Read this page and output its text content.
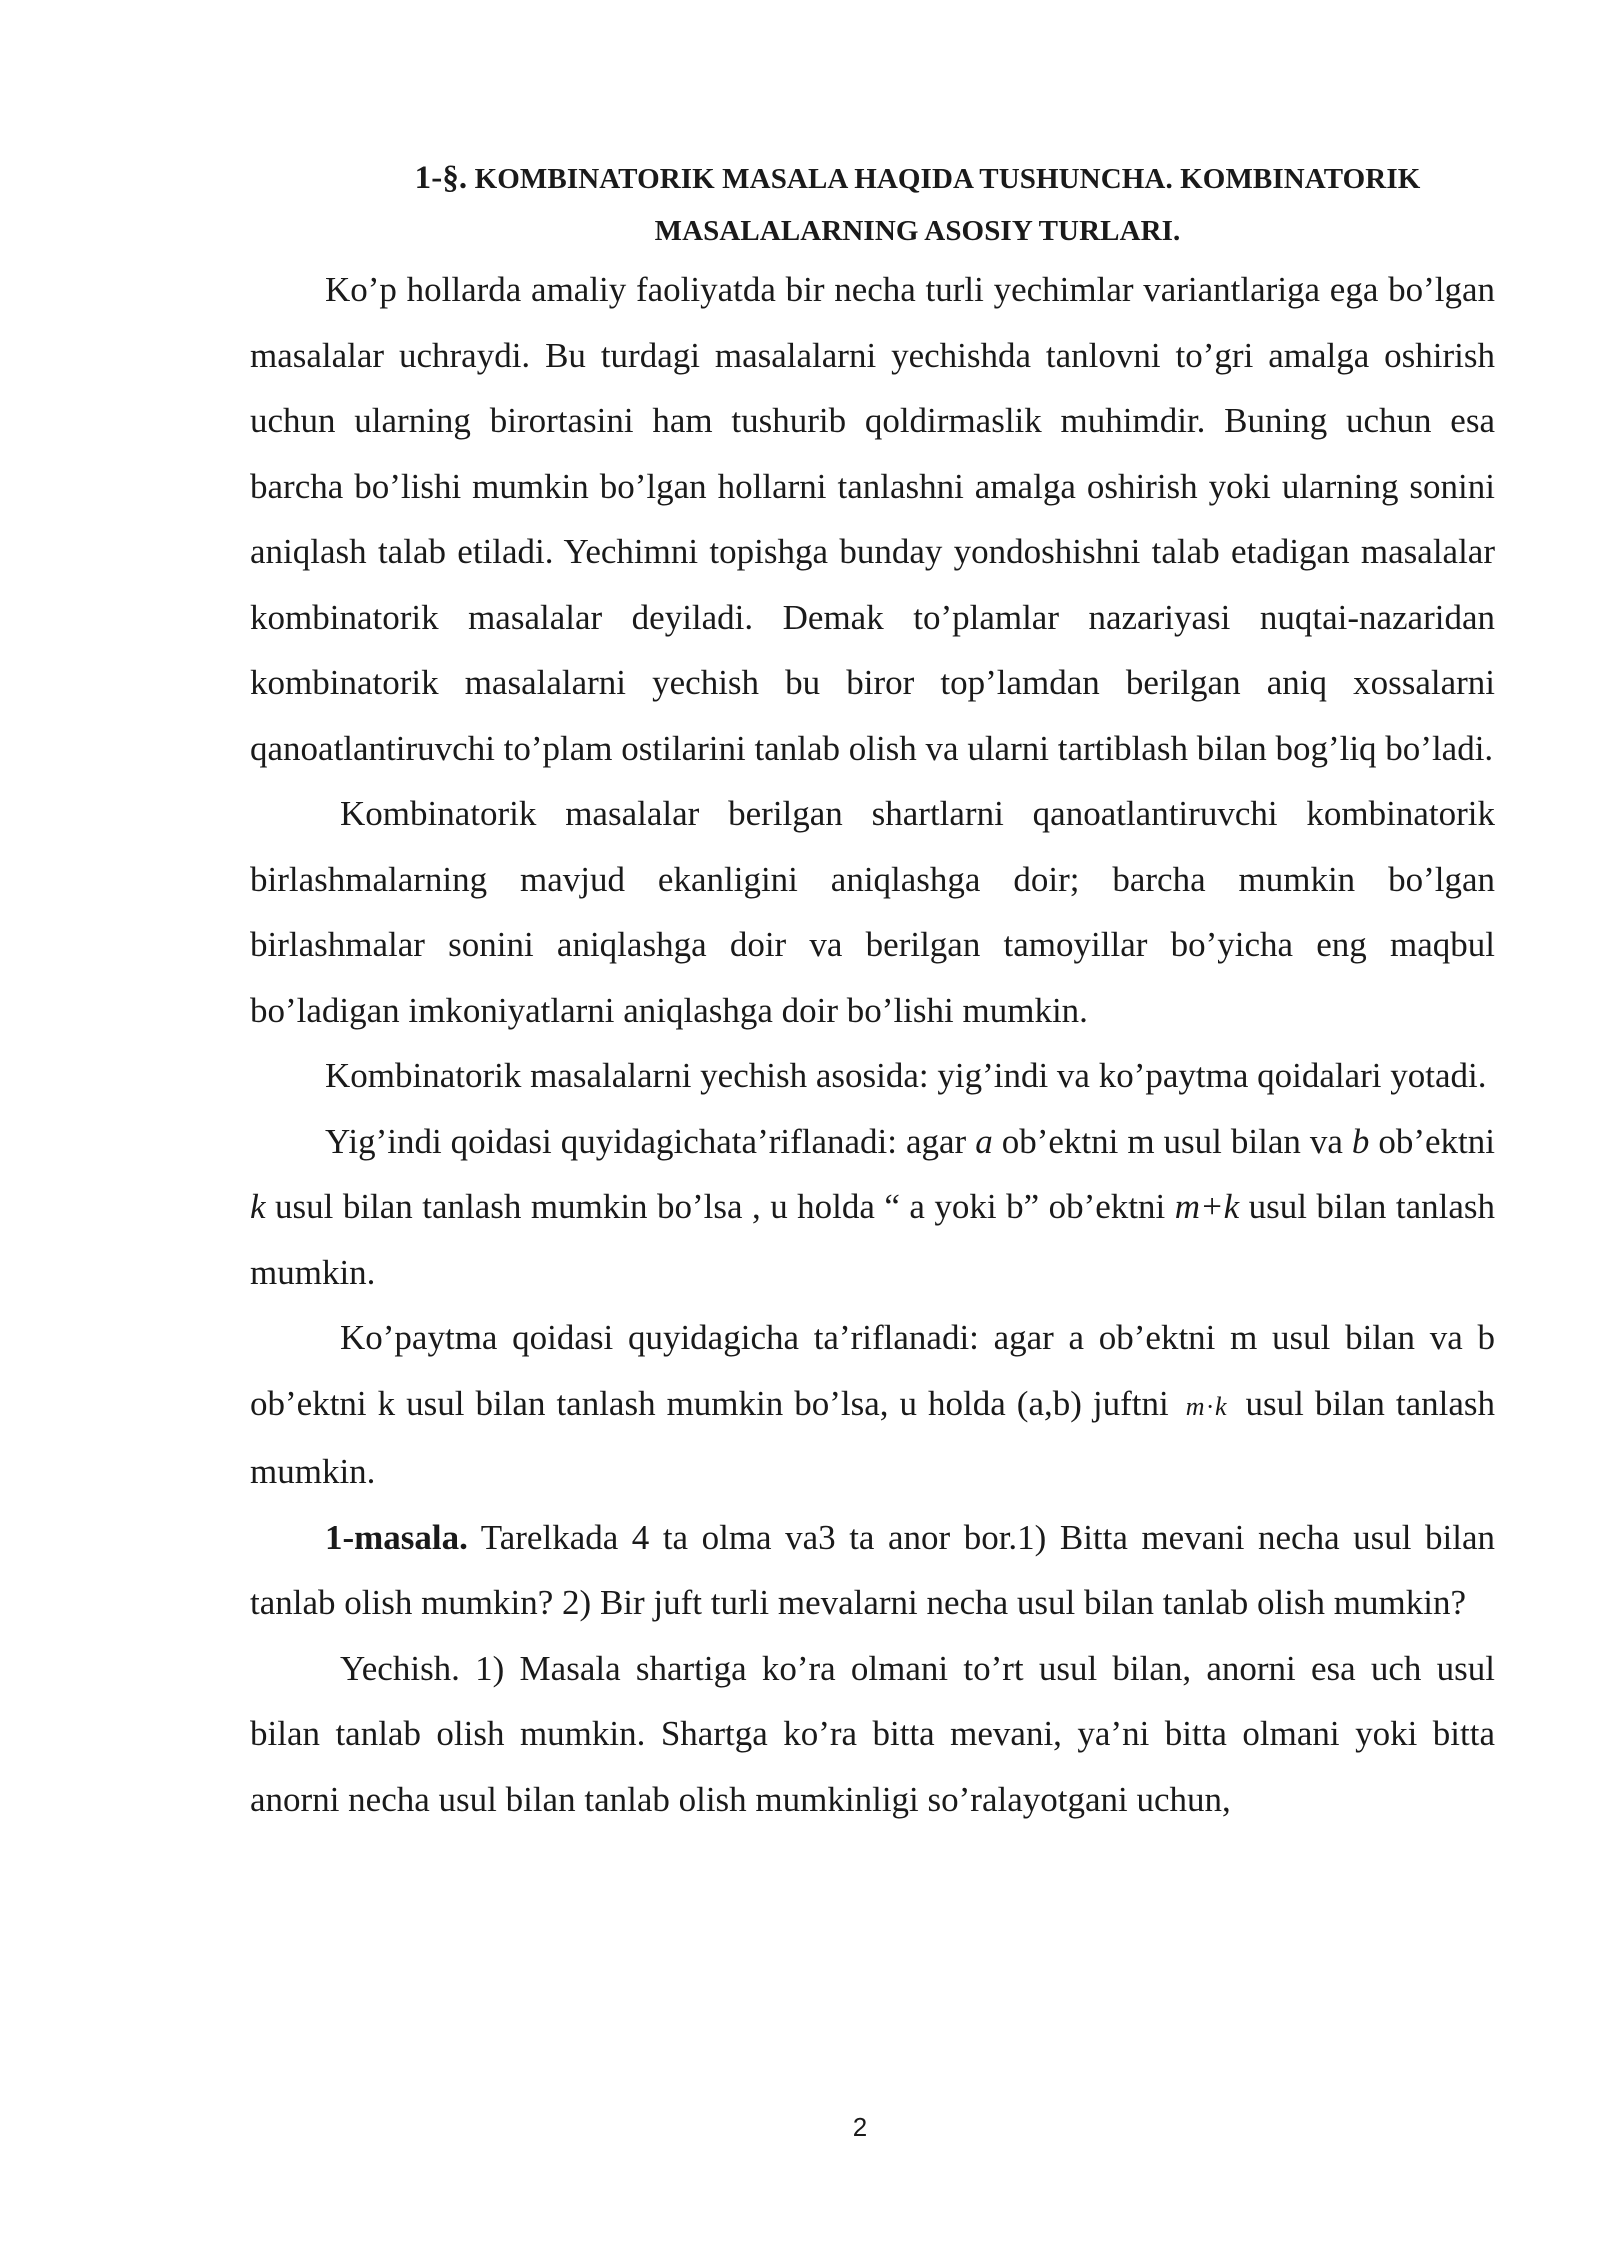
1-§. KOMBINATORIK MASALA HAQIDA TUSHUNCHA. KOMBINATORIK
MASALALARNING ASOSIY TURLARI.

Ko’p hollarda amaliy faoliyatda bir necha turli yechimlar variantlariga ega bo’lgan masalalar uchraydi. Bu turdagi masalalarni yechishda tanlovni to’gri amalga oshirish uchun ularning birortasini ham tushurib qoldirmaslik muhimdir. Buning uchun esa barcha bo’lishi mumkin bo’lgan hollarni tanlashni amalga oshirish yoki ularning sonini aniqlash talab etiladi. Yechimni topishga bunday yondoshishni talab etadigan masalalar kombinatorik masalalar deyiladi. Demak to’plamlar nazariyasi nuqtai-nazaridan kombinatorik masalalarni yechish bu biror top’lamdan berilgan aniq xossalarni qanoatlantiruvchi to’plam ostilarini tanlab olish va ularni tartiblash bilan bog’liq bo’ladi.

Kombinatorik masalalar berilgan shartlarni qanoatlantiruvchi kombinatorik birlashmalarning mavjud ekanligini aniqlashga doir; barcha mumkin bo’lgan birlashmalar sonini aniqlashga doir va berilgan tamoyillar bo’yicha eng maqbul bo’ladigan imkoniyatlarni aniqlashga doir bo’lishi mumkin.

Kombinatorik masalalarni yechish asosida: yig’indi va ko’paytma qoidalari yotadi.

Yig’indi qoidasi quyidagichata’riflanadi: agar a ob’ektni m usul bilan va b ob’ektni k usul bilan tanlash mumkin bo’lsa , u holda “ a yoki b” ob’ektni m+k usul bilan tanlash mumkin.

Ko’paytma qoidasi quyidagicha ta’riflanadi: agar a ob’ektni m usul bilan va b ob’ektni k usul bilan tanlash mumkin bo’lsa, u holda (a,b) juftni m·k usul bilan tanlash mumkin.

1-masala. Tarelkada 4 ta olma va3 ta anor bor.1) Bitta mevani necha usul bilan tanlab olish mumkin? 2) Bir juft turli mevalarni necha usul bilan tanlab olish mumkin?

Yechish. 1) Masala shartiga ko’ra olmani to’rt usul bilan, anorni esa uch usul bilan tanlab olish mumkin. Shartga ko’ra bitta mevani, ya’ni bitta olmani yoki bitta anorni necha usul bilan tanlab olish mumkinligi so’ralayotgani uchun,

2
